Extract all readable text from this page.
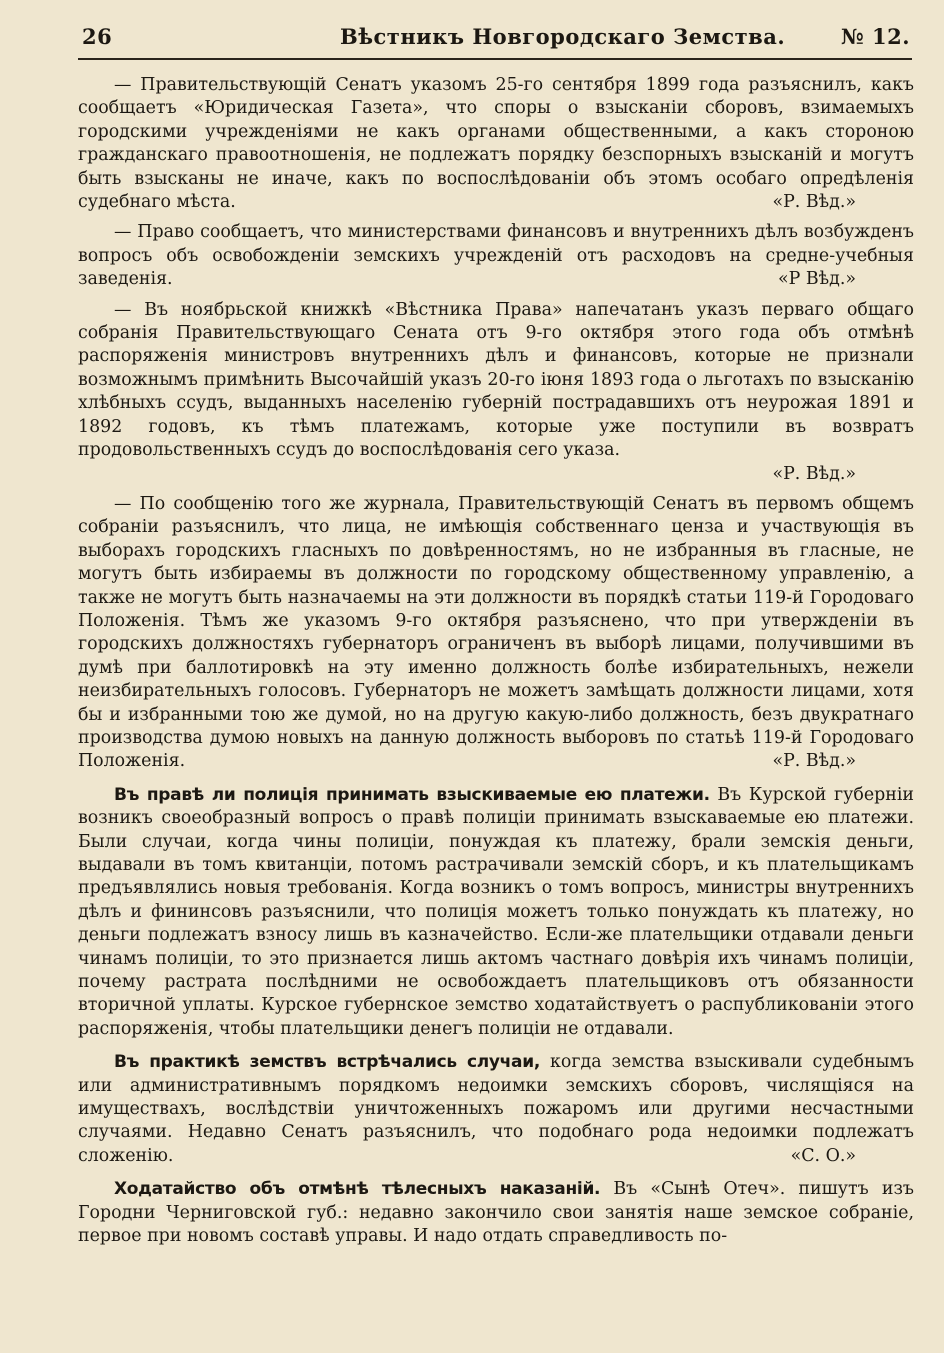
26	Вѣстникъ Новгородскаго Земства.	№ 12.

— Правительствующій Сенатъ указомъ 25-го сентября 1899 года разъяснилъ, какъ сообщаетъ «Юридическая Газета», что споры о взысканіи сборовъ, взимаемыхъ городскими учрежденіями не какъ органами общественными, а какъ стороною гражданскаго правоотношенія, не подлежатъ порядку безспорныхъ взысканій и могутъ быть взысканы не иначе, какъ по воспослѣдованіи объ этомъ особаго опредѣленія судебнаго мѣста.	«Р. Вѣд.»

— Право сообщаетъ, что министерствами финансовъ и внутреннихъ дѣлъ возбужденъ вопросъ объ освобожденіи земскихъ учрежденій отъ расходовъ на средне-учебныя заведенія.	«Р Вѣд.»

— Въ ноябрьской книжкѣ «Вѣстника Права» напечатанъ указъ перваго общаго собранія Правительствующаго Сената отъ 9-го октября этого года объ отмѣнѣ распоряженія министровъ внутреннихъ дѣлъ и финансовъ, которые не признали возможнымъ примѣнить Высочайшій указъ 20-го іюня 1893 года о льготахъ по взысканію хлѣбныхъ ссудъ, выданныхъ населенію губерній пострадавшихъ отъ неурожая 1891 и 1892 годовъ, къ тѣмъ платежамъ, которые уже поступили въ возвратъ продовольственныхъ ссудъ до воспослѣдованія сего указа.
«Р. Вѣд.»

— По сообщенію того же журнала, Правительствующій Сенатъ въ первомъ общемъ собраніи разъяснилъ, что лица, не имѣющія собственнаго ценза и участвующія въ выборахъ городскихъ гласныхъ по довѣренностямъ, но не избранныя въ гласные, не могутъ быть избираемы въ должности по городскому общественному управленію, а также не могутъ быть назначаемы на эти должности въ порядкѣ статьи 119-й Городоваго Положенія. Тѣмъ же указомъ 9-го октября разъяснено, что при утвержденіи въ городскихъ должностяхъ губернаторъ ограниченъ въ выборѣ лицами, получившими въ думѣ при баллотировкѣ на эту именно должность болѣе избирательныхъ, нежели неизбирательныхъ голосовъ. Губернаторъ не можетъ замѣщать должности лицами, хотя бы и избранными тою же думой, но на другую какую-либо должность, безъ двукратнаго производства думою новыхъ на данную должность выборовъ по статьѣ 119-й Городоваго Положенія.	«Р. Вѣд.»

Въ правѣ ли полиція принимать взыскиваемые ею платежи. Въ Курской губерніи возникъ своеобразный вопросъ о правѣ полиціи принимать взыскаваемые ею платежи. Были случаи, когда чины полиціи, понуждая къ платежу, брали земскія деньги, выдавали въ томъ квитанціи, потомъ растрачивали земскій сборъ, и къ плательщикамъ предъявлялись новыя требованія. Когда возникъ о томъ вопросъ, министры внутреннихъ дѣлъ и фининсовъ разъяснили, что полиція можетъ только понуждать къ платежу, но деньги подлежатъ взносу лишь въ казначейство. Если-же плательщики отдавали деньги чинамъ полиціи, то это признается лишь актомъ частнаго довѣрія ихъ чинамъ полиціи, почему растрата послѣдними не освобождаетъ плательщиковъ отъ обязанности вторичной уплаты. Курское губернское земство ходатайствуетъ о распубликованіи этого распоряженія, чтобы плательщики денегъ полиціи не отдавали.

Въ практикѣ земствъ встрѣчались случаи, когда земства взыскивали судебнымъ или административнымъ порядкомъ недоимки земскихъ сборовъ, числящіяся на имуществахъ, вослѣдствіи уничтоженныхъ пожаромъ или другими несчастными случаями. Недавно Сенатъ разъяснилъ, что подобнаго рода недоимки подлежатъ сложенію.	«С. О.»

Ходатайство объ отмѣнѣ тѣлесныхъ наказаній. Въ «Сынѣ Отеч». пишутъ изъ Городни Черниговской губ.: недавно закончило свои занятія наше земское собраніе, первое при новомъ составѣ управы. И надо отдать справедливость по-
